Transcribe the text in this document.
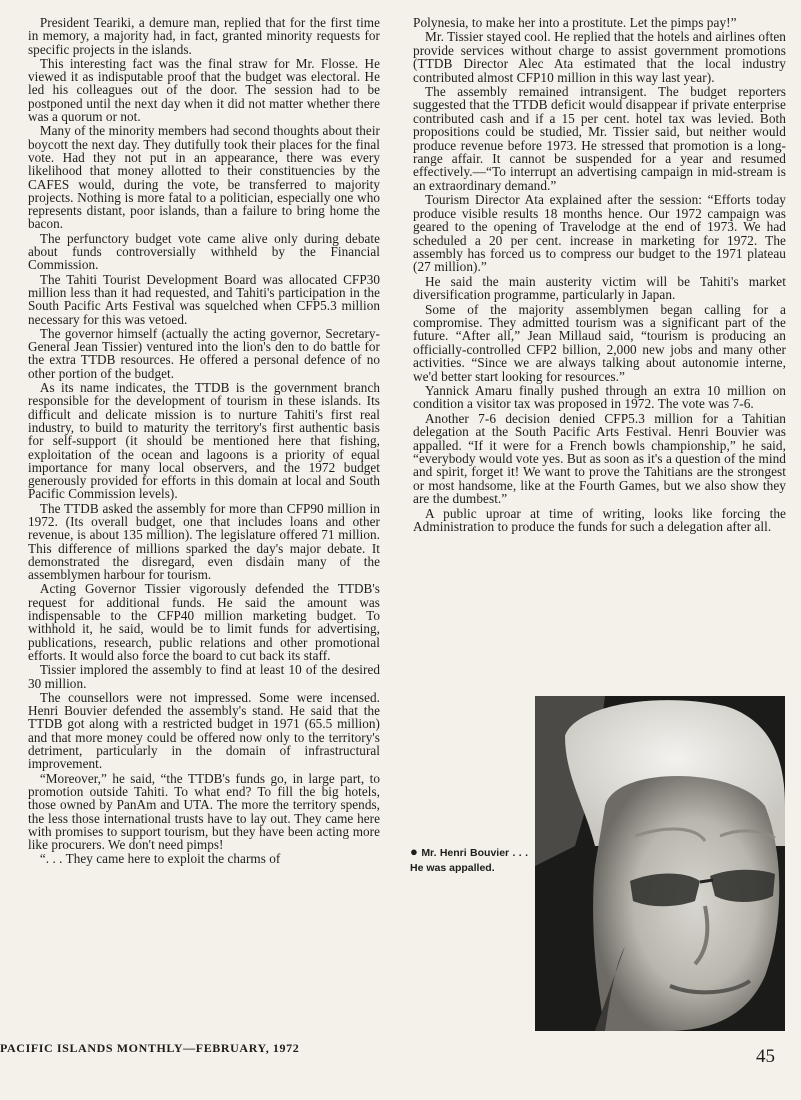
President Teariki, a demure man, replied that for the first time in memory, a majority had, in fact, granted minority requests for specific projects in the islands.

This interesting fact was the final straw for Mr. Flosse. He viewed it as indisputable proof that the budget was electoral. He led his colleagues out of the door. The session had to be postponed until the next day when it did not matter whether there was a quorum or not.

Many of the minority members had second thoughts about their boycott the next day. They dutifully took their places for the final vote. Had they not put in an appearance, there was every likelihood that money allotted to their constituencies by the CAFES would, during the vote, be transferred to majority projects. Nothing is more fatal to a politician, especially one who represents distant, poor islands, than a failure to bring home the bacon.

The perfunctory budget vote came alive only during debate about funds controversially withheld by the Financial Commission.

The Tahiti Tourist Development Board was allocated CFP30 million less than it had requested, and Tahiti's participation in the South Pacific Arts Festival was squelched when CFP5.3 million necessary for this was vetoed.

The governor himself (actually the acting governor, Secretary-General Jean Tissier) ventured into the lion's den to do battle for the extra TTDB resources. He offered a personal defence of no other portion of the budget.

As its name indicates, the TTDB is the government branch responsible for the development of tourism in these islands. Its difficult and delicate mission is to nurture Tahiti's first real industry, to build to maturity the territory's first authentic basis for self-support (it should be mentioned here that fishing, exploitation of the ocean and lagoons is a priority of equal importance for many local observers, and the 1972 budget generously provided for efforts in this domain at local and South Pacific Commission levels).

The TTDB asked the assembly for more than CFP90 million in 1972. (Its overall budget, one that includes loans and other revenue, is about 135 million). The legislature offered 71 million. This difference of millions sparked the day's major debate. It demonstrated the disregard, even disdain many of the assemblymen harbour for tourism.

Acting Governor Tissier vigorously defended the TTDB's request for additional funds. He said the amount was indispensable to the CFP40 million marketing budget. To withhold it, he said, would be to limit funds for advertising, publications, research, public relations and other promotional efforts. It would also force the board to cut back its staff.

Tissier implored the assembly to find at least 10 of the desired 30 million.

The counsellors were not impressed. Some were incensed. Henri Bouvier defended the assembly's stand. He said that the TTDB got along with a restricted budget in 1971 (65.5 million) and that more money could be offered now only to the territory's detriment, particularly in the domain of infrastructural improvement.

“Moreover,” he said, “the TTDB's funds go, in large part, to promotion outside Tahiti. To what end? To fill the big hotels, those owned by PanAm and UTA. The more the territory spends, the less those international trusts have to lay out. They came here with promises to support tourism, but they have been acting more like procurers. We don't need pimps!

“. . . They came here to exploit the charms of

Polynesia, to make her into a prostitute. Let the pimps pay!”

Mr. Tissier stayed cool. He replied that the hotels and airlines often provide services without charge to assist government promotions (TTDB Director Alec Ata estimated that the local industry contributed almost CFP10 million in this way last year).

The assembly remained intransigent. The budget reporters suggested that the TTDB deficit would disappear if private enterprise contributed cash and if a 15 per cent. hotel tax was levied. Both propositions could be studied, Mr. Tissier said, but neither would produce revenue before 1973. He stressed that promotion is a long-range affair. It cannot be suspended for a year and resumed effectively.—“To interrupt an advertising campaign in mid-stream is an extraordinary demand.”

Tourism Director Ata explained after the session: “Efforts today produce visible results 18 months hence. Our 1972 campaign was geared to the opening of Travelodge at the end of 1973. We had scheduled a 20 per cent. increase in marketing for 1972. The assembly has forced us to compress our budget to the 1971 plateau (27 million).”

He said the main austerity victim will be Tahiti's market diversification programme, particularly in Japan.

Some of the majority assemblymen began calling for a compromise. They admitted tourism was a significant part of the future. “After all,” Jean Millaud said, “tourism is producing an officially-controlled CFP2 billion, 2,000 new jobs and many other activities. “Since we are always talking about autonomie interne, we'd better start looking for resources.”

Yannick Amaru finally pushed through an extra 10 million on condition a visitor tax was proposed in 1972. The vote was 7-6.

Another 7-6 decision denied CFP5.3 million for a Tahitian delegation at the South Pacific Arts Festival. Henri Bouvier was appalled. “If it were for a French bowls championship,” he said, “everybody would vote yes. But as soon as it's a question of the mind and spirit, forget it! We want to prove the Tahitians are the strongest or most handsome, like at the Fourth Games, but we also show they are the dumbest.”

A public uproar at time of writing, looks like forcing the Administration to produce the funds for such a delegation after all.

● Mr. Henri Bouvier . . . He was appalled.
PACIFIC ISLANDS MONTHLY—FEBRUARY, 1972	45
